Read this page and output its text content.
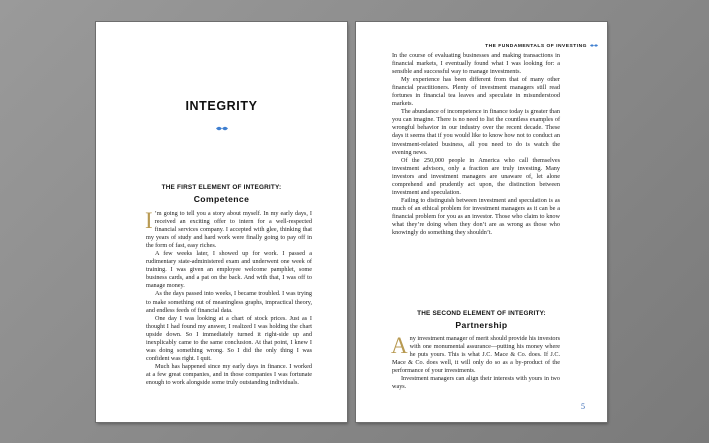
INTEGRITY
THE FIRST ELEMENT OF INTEGRITY:
Competence

I ’m going to tell you a story about myself. In my early days, I received an exciting offer to intern for a well-respected financial services company. I accepted with glee, thinking that my years of study and hard work were finally going to pay off in the form of fast, easy riches.

A few weeks later, I showed up for work. I passed a rudimentary state-administered exam and underwent one week of training. I was given an employee welcome pamphlet, some business cards, and a pat on the back. And with that, I was off to manage money.

As the days passed into weeks, I became troubled. I was trying to make something out of meaningless graphs, impractical theory, and endless feeds of financial data.

One day I was looking at a chart of stock prices. Just as I thought I had found my answer, I realized I was holding the chart upside down. So I immediately turned it right-side up and inexplicably came to the same conclusion. At that point, I knew I was doing something wrong. So I did the only thing I was confident was right. I quit.

Much has happened since my early days in finance. I worked at a few great companies, and in those companies I was fortunate enough to work alongside some truly outstanding individuals.

THE FUNDAMENTALS OF INVESTING

In the course of evaluating businesses and making transactions in financial markets, I eventually found what I was looking for: a sensible and successful way to manage investments.

My experience has been different from that of many other financial practitioners. Plenty of investment managers still read fortunes in financial tea leaves and speculate in misunderstood markets.

The abundance of incompetence in finance today is greater than you can imagine. There is no need to list the countless examples of wrongful behavior in our industry over the recent decade. These days it seems that if you would like to know how not to conduct an investment-related business, all you need to do is watch the evening news.

Of the 250,000 people in America who call themselves investment advisors, only a fraction are truly investing. Many investors and investment managers are unaware of, let alone comprehend and prudently act upon, the distinction between investment and speculation.

Failing to distinguish between investment and speculation is as much of an ethical problem for investment managers as it can be a financial problem for you as an investor. Those who claim to know what they’re doing when they don’t are as wrong as those who knowingly do something they shouldn’t.

THE SECOND ELEMENT OF INTEGRITY:
Partnership

Any investment manager of merit should provide his investors with one monumental assurance—putting his money where he puts yours. This is what J.C. Mace & Co. does. If J.C. Mace & Co. does well, it will only do so as a by-product of the performance of your investments.

Investment managers can align their interests with yours in two ways.

5
